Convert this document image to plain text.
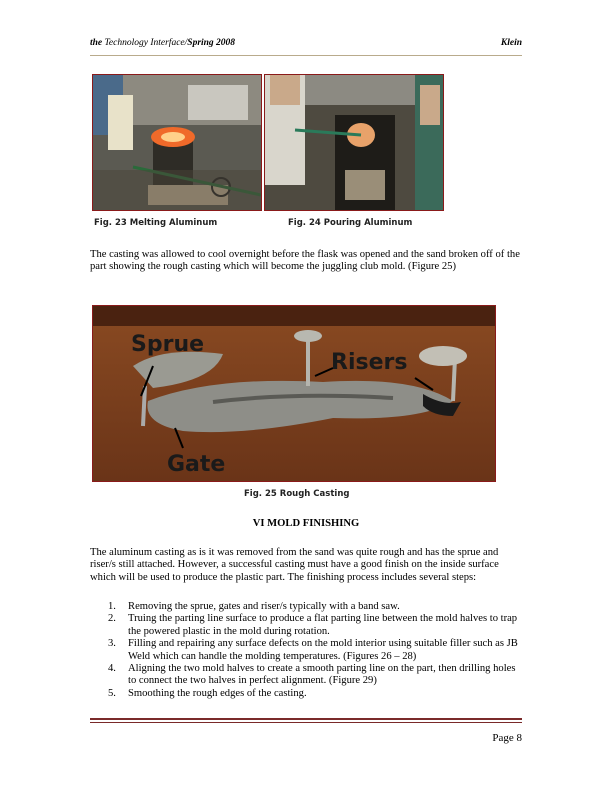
the Technology Interface/Spring 2008	Klein
Fig. 23 Melting Aluminum	Fig. 24 Pouring Aluminum
The casting was allowed to cool overnight before the flask was opened and the sand broken off of the part showing the rough casting which will become the juggling club mold. (Figure 25)
Sprue
Risers
Gate
Fig. 25 Rough Casting
VI MOLD FINISHING
The aluminum casting as is it was removed from the sand was quite rough and has the sprue and riser/s still attached. However, a successful casting must have a good finish on the inside surface which will be used to produce the plastic part. The finishing process includes several steps:
1. Removing the sprue, gates and riser/s typically with a band saw.
2. Truing the parting line surface to produce a flat parting line between the mold halves to trap the powered plastic in the mold during rotation.
3. Filling and repairing any surface defects on the mold interior using suitable filler such as JB Weld which can handle the molding temperatures. (Figures 26 – 28)
4. Aligning the two mold halves to create a smooth parting line on the part, then drilling holes to connect the two halves in perfect alignment. (Figure 29)
5. Smoothing the rough edges of the casting.
Page 8
